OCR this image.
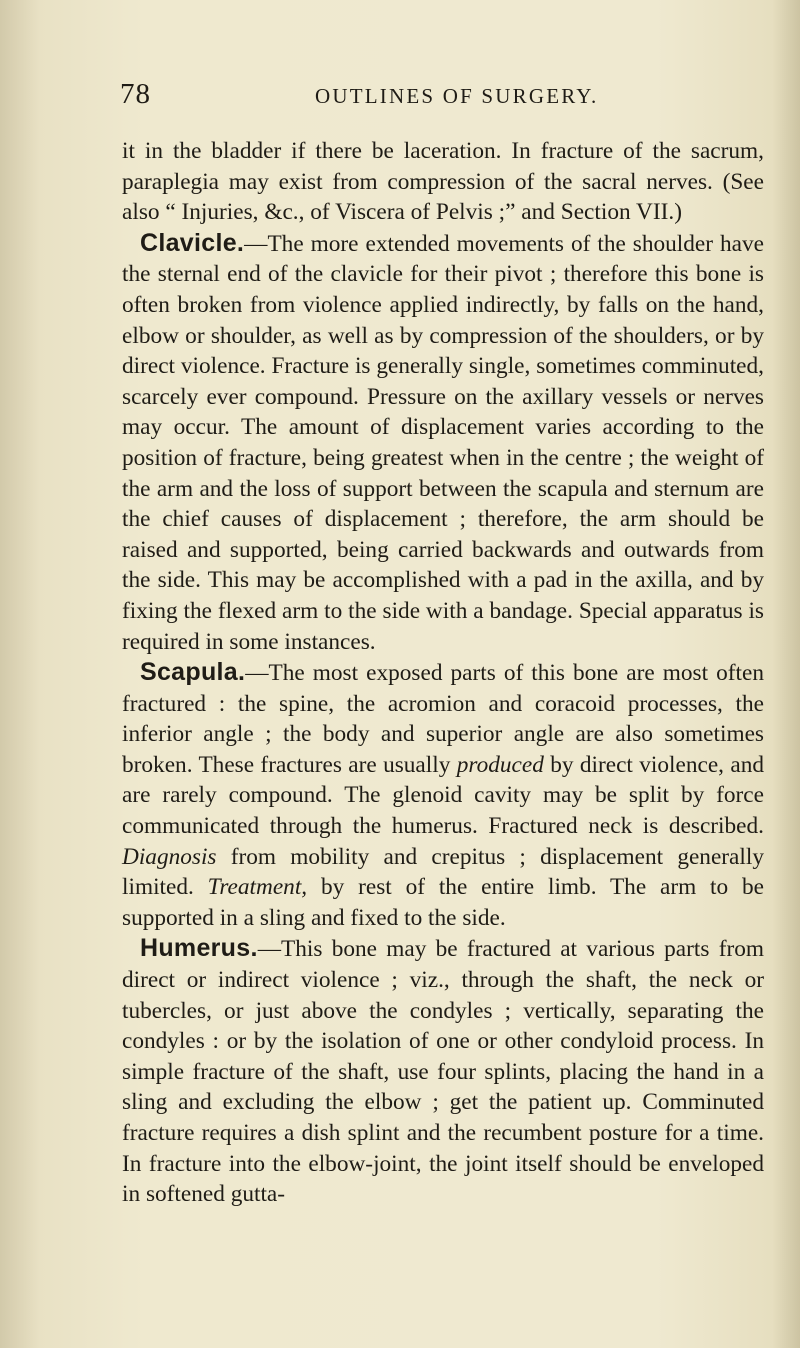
78	OUTLINES OF SURGERY.

it in the bladder if there be laceration. In fracture of the sacrum, paraplegia may exist from compression of the sacral nerves. (See also “ Injuries, &c., of Viscera of Pelvis ;” and Section VII.)

Clavicle.—The more extended movements of the shoulder have the sternal end of the clavicle for their pivot ; therefore this bone is often broken from violence applied indirectly, by falls on the hand, elbow or shoulder, as well as by compression of the shoulders, or by direct violence. Fracture is generally single, sometimes comminuted, scarcely ever compound. Pressure on the axillary vessels or nerves may occur. The amount of displacement varies according to the position of fracture, being greatest when in the centre ; the weight of the arm and the loss of support between the scapula and sternum are the chief causes of displacement ; therefore, the arm should be raised and supported, being carried backwards and outwards from the side. This may be accomplished with a pad in the axilla, and by fixing the flexed arm to the side with a bandage. Special apparatus is required in some instances.

Scapula.—The most exposed parts of this bone are most often fractured : the spine, the acromion and coracoid processes, the inferior angle ; the body and superior angle are also sometimes broken. These fractures are usually produced by direct violence, and are rarely compound. The glenoid cavity may be split by force communicated through the humerus. Fractured neck is described. Diagnosis from mobility and crepitus ; displacement generally limited. Treatment, by rest of the entire limb. The arm to be supported in a sling and fixed to the side.

Humerus.—This bone may be fractured at various parts from direct or indirect violence ; viz., through the shaft, the neck or tubercles, or just above the condyles ; vertically, separating the condyles : or by the isolation of one or other condyloid process. In simple fracture of the shaft, use four splints, placing the hand in a sling and excluding the elbow ; get the patient up. Comminuted fracture requires a dish splint and the recumbent posture for a time. In fracture into the elbow-joint, the joint itself should be enveloped in softened gutta-
